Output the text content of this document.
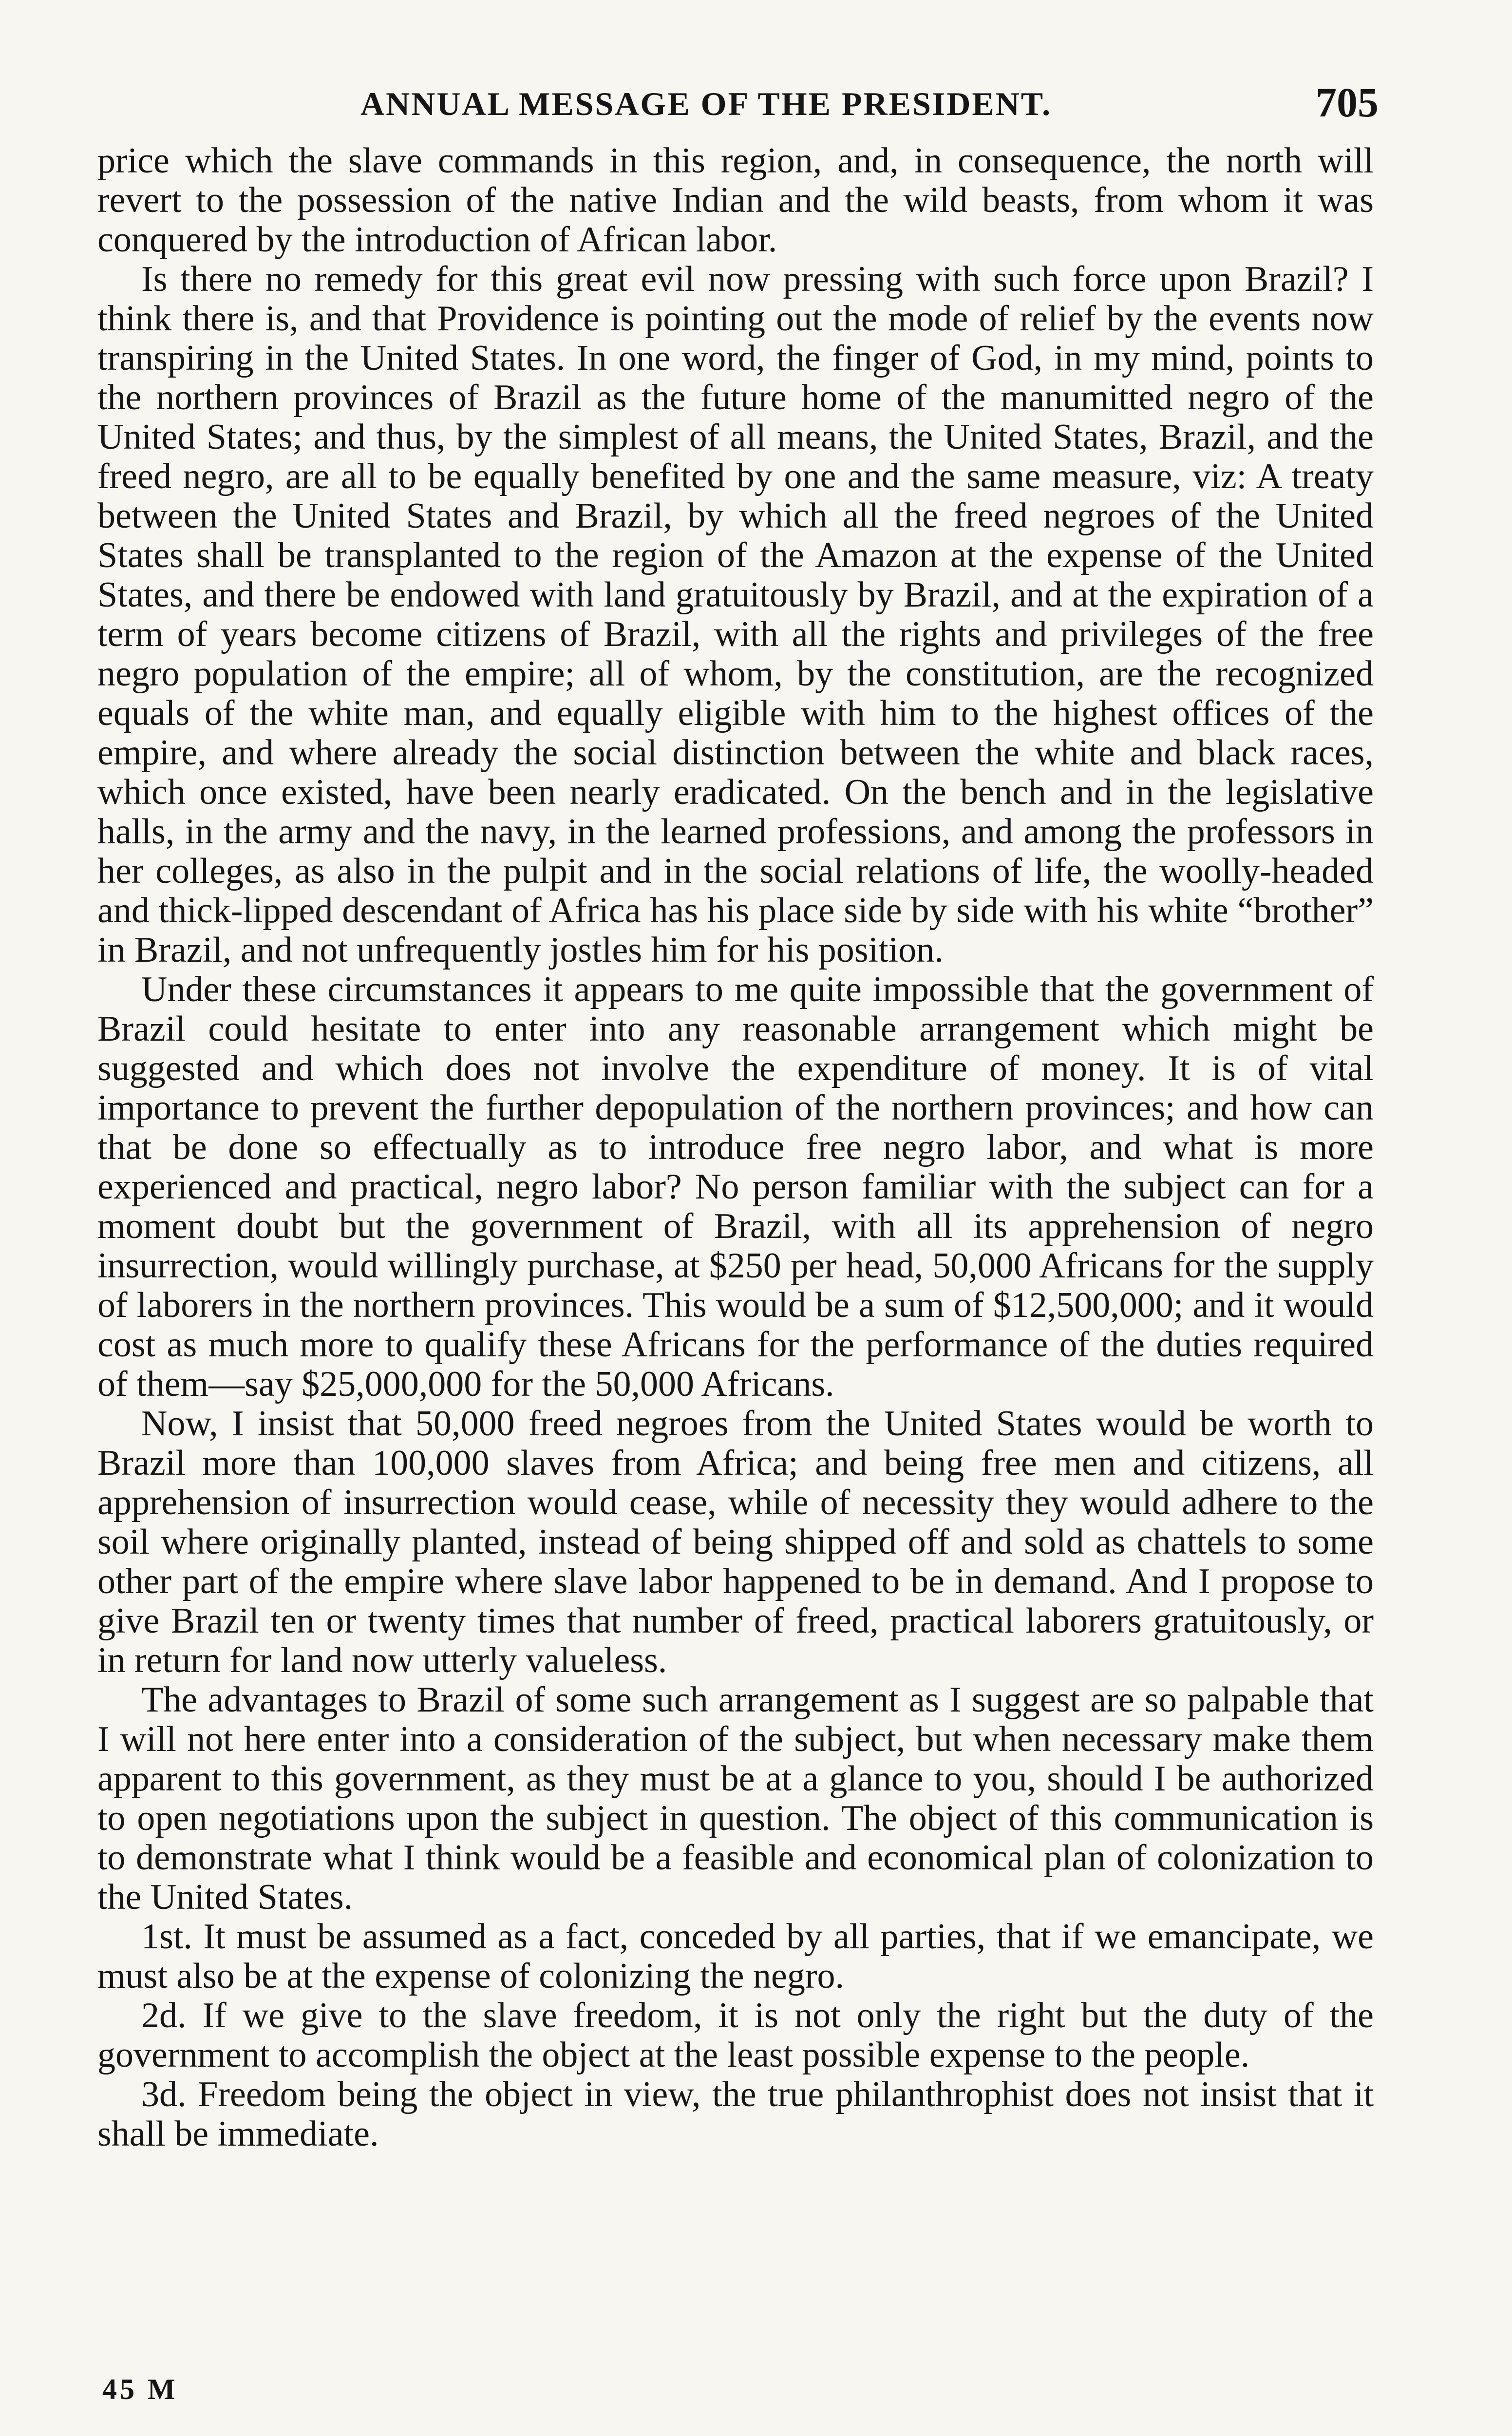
ANNUAL MESSAGE OF THE PRESIDENT.	705

price which the slave commands in this region, and, in consequence, the north will revert to the possession of the native Indian and the wild beasts, from whom it was conquered by the introduction of African labor.

Is there no remedy for this great evil now pressing with such force upon Brazil? I think there is, and that Providence is pointing out the mode of relief by the events now transpiring in the United States. In one word, the finger of God, in my mind, points to the northern provinces of Brazil as the future home of the manumitted negro of the United States; and thus, by the simplest of all means, the United States, Brazil, and the freed negro, are all to be equally benefited by one and the same measure, viz: A treaty between the United States and Brazil, by which all the freed negroes of the United States shall be transplanted to the region of the Amazon at the expense of the United States, and there be endowed with land gratuitously by Brazil, and at the expiration of a term of years become citizens of Brazil, with all the rights and privileges of the free negro population of the empire; all of whom, by the constitution, are the recognized equals of the white man, and equally eligible with him to the highest offices of the empire, and where already the social distinction between the white and black races, which once existed, have been nearly eradicated. On the bench and in the legislative halls, in the army and the navy, in the learned professions, and among the professors in her colleges, as also in the pulpit and in the social relations of life, the woolly-headed and thick-lipped descendant of Africa has his place side by side with his white “brother” in Brazil, and not unfrequently jostles him for his position.

Under these circumstances it appears to me quite impossible that the government of Brazil could hesitate to enter into any reasonable arrangement which might be suggested and which does not involve the expenditure of money. It is of vital importance to prevent the further depopulation of the northern provinces; and how can that be done so effectually as to introduce free negro labor, and what is more experienced and practical, negro labor? No person familiar with the subject can for a moment doubt but the government of Brazil, with all its apprehension of negro insurrection, would willingly purchase, at $250 per head, 50,000 Africans for the supply of laborers in the northern provinces. This would be a sum of $12,500,000; and it would cost as much more to qualify these Africans for the performance of the duties required of them—say $25,000,000 for the 50,000 Africans.

Now, I insist that 50,000 freed negroes from the United States would be worth to Brazil more than 100,000 slaves from Africa; and being free men and citizens, all apprehension of insurrection would cease, while of necessity they would adhere to the soil where originally planted, instead of being shipped off and sold as chattels to some other part of the empire where slave labor happened to be in demand. And I propose to give Brazil ten or twenty times that number of freed, practical laborers gratuitously, or in return for land now utterly valueless.

The advantages to Brazil of some such arrangement as I suggest are so palpable that I will not here enter into a consideration of the subject, but when necessary make them apparent to this government, as they must be at a glance to you, should I be authorized to open negotiations upon the subject in question. The object of this communication is to demonstrate what I think would be a feasible and economical plan of colonization to the United States.

1st. It must be assumed as a fact, conceded by all parties, that if we emancipate, we must also be at the expense of colonizing the negro.

2d. If we give to the slave freedom, it is not only the right but the duty of the government to accomplish the object at the least possible expense to the people.

3d. Freedom being the object in view, the true philanthrophist does not insist that it shall be immediate.

45 M
